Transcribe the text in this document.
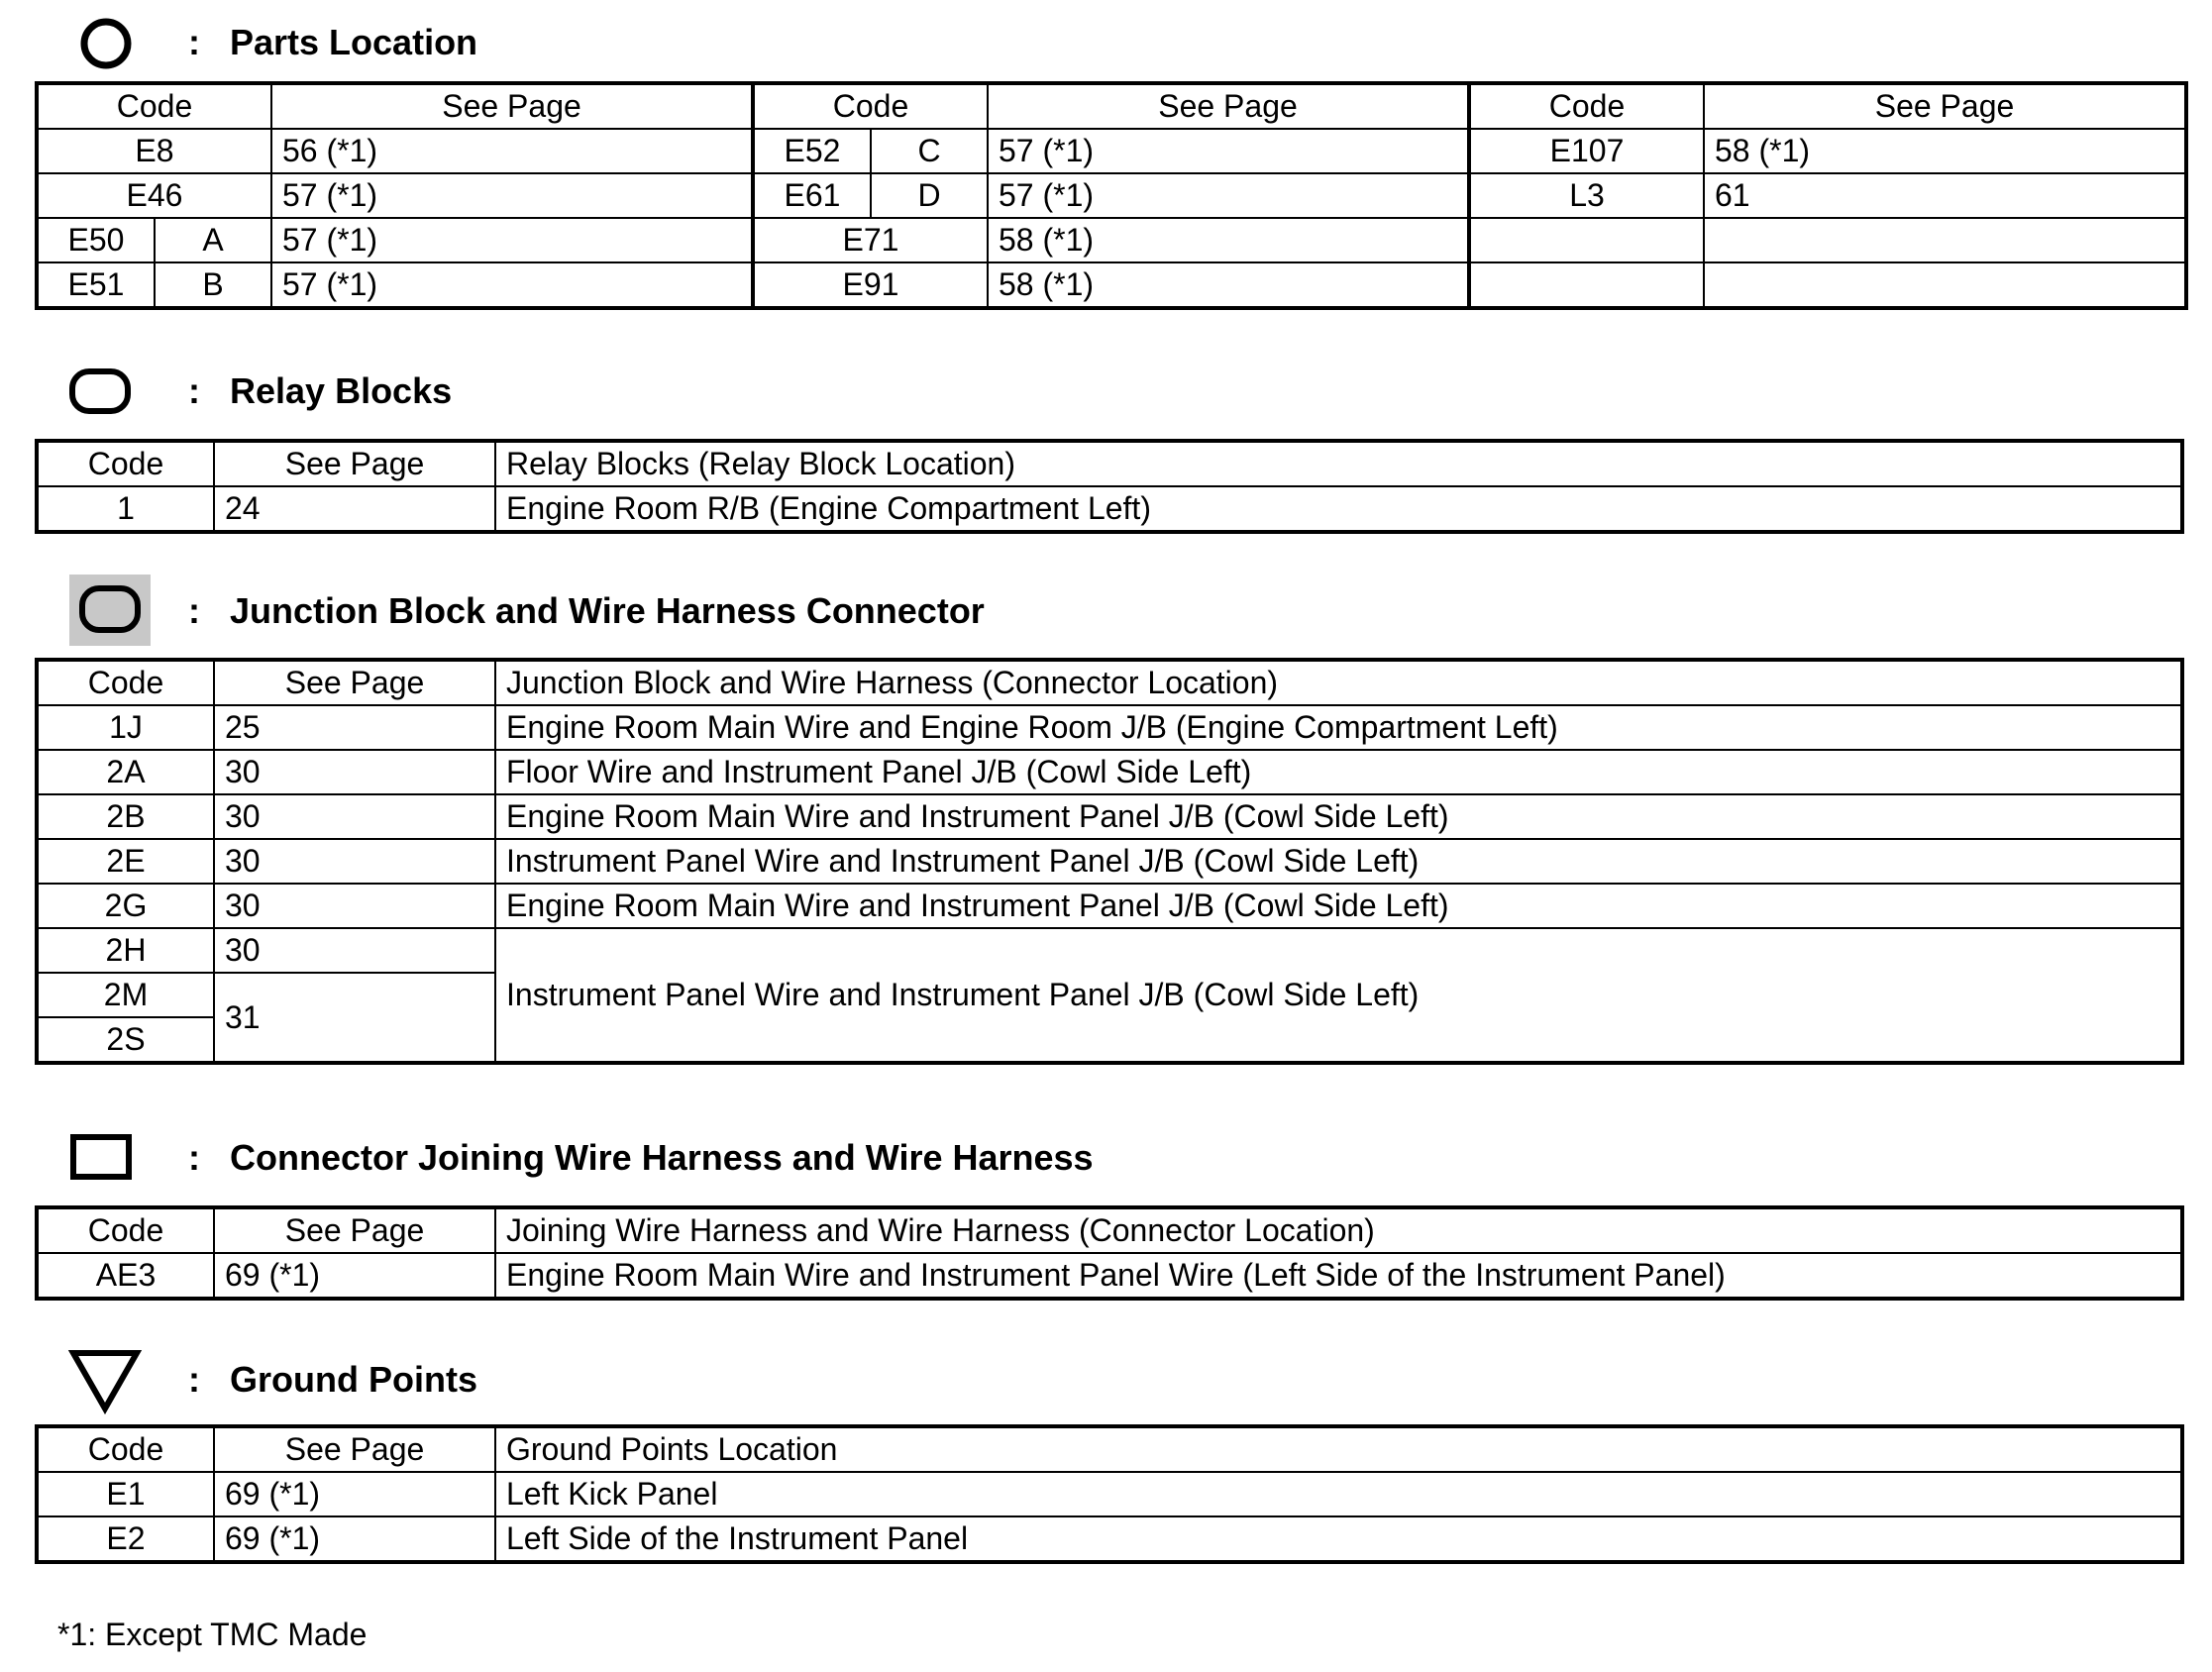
: Parts Location
Code		See Page	Code		See Page	Code	See Page
E8		56 (*1)	E52	C	57 (*1)	E107	58 (*1)
E46		57 (*1)	E61	D	57 (*1)	L3	61
E50	A	57 (*1)	E71		58 (*1)		
E51	B	57 (*1)	E91		58 (*1)		
: Relay Blocks
Code	See Page	Relay Blocks (Relay Block Location)
1	24	Engine Room R/B (Engine Compartment Left)
: Junction Block and Wire Harness Connector
Code	See Page	Junction Block and Wire Harness (Connector Location)
1J	25	Engine Room Main Wire and Engine Room J/B (Engine Compartment Left)
2A	30	Floor Wire and Instrument Panel J/B (Cowl Side Left)
2B	30	Engine Room Main Wire and Instrument Panel J/B (Cowl Side Left)
2E	30	Instrument Panel Wire and Instrument Panel J/B (Cowl Side Left)
2G	30	Engine Room Main Wire and Instrument Panel J/B (Cowl Side Left)
2H	30	Instrument Panel Wire and Instrument Panel J/B (Cowl Side Left)
2M	31	
2S		
: Connector Joining Wire Harness and Wire Harness
Code	See Page	Joining Wire Harness and Wire Harness (Connector Location)
AE3	69 (*1)	Engine Room Main Wire and Instrument Panel Wire (Left Side of the Instrument Panel)
: Ground Points
Code	See Page	Ground Points Location
E1	69 (*1)	Left Kick Panel
E2	69 (*1)	Left Side of the Instrument Panel
*1: Except TMC Made
